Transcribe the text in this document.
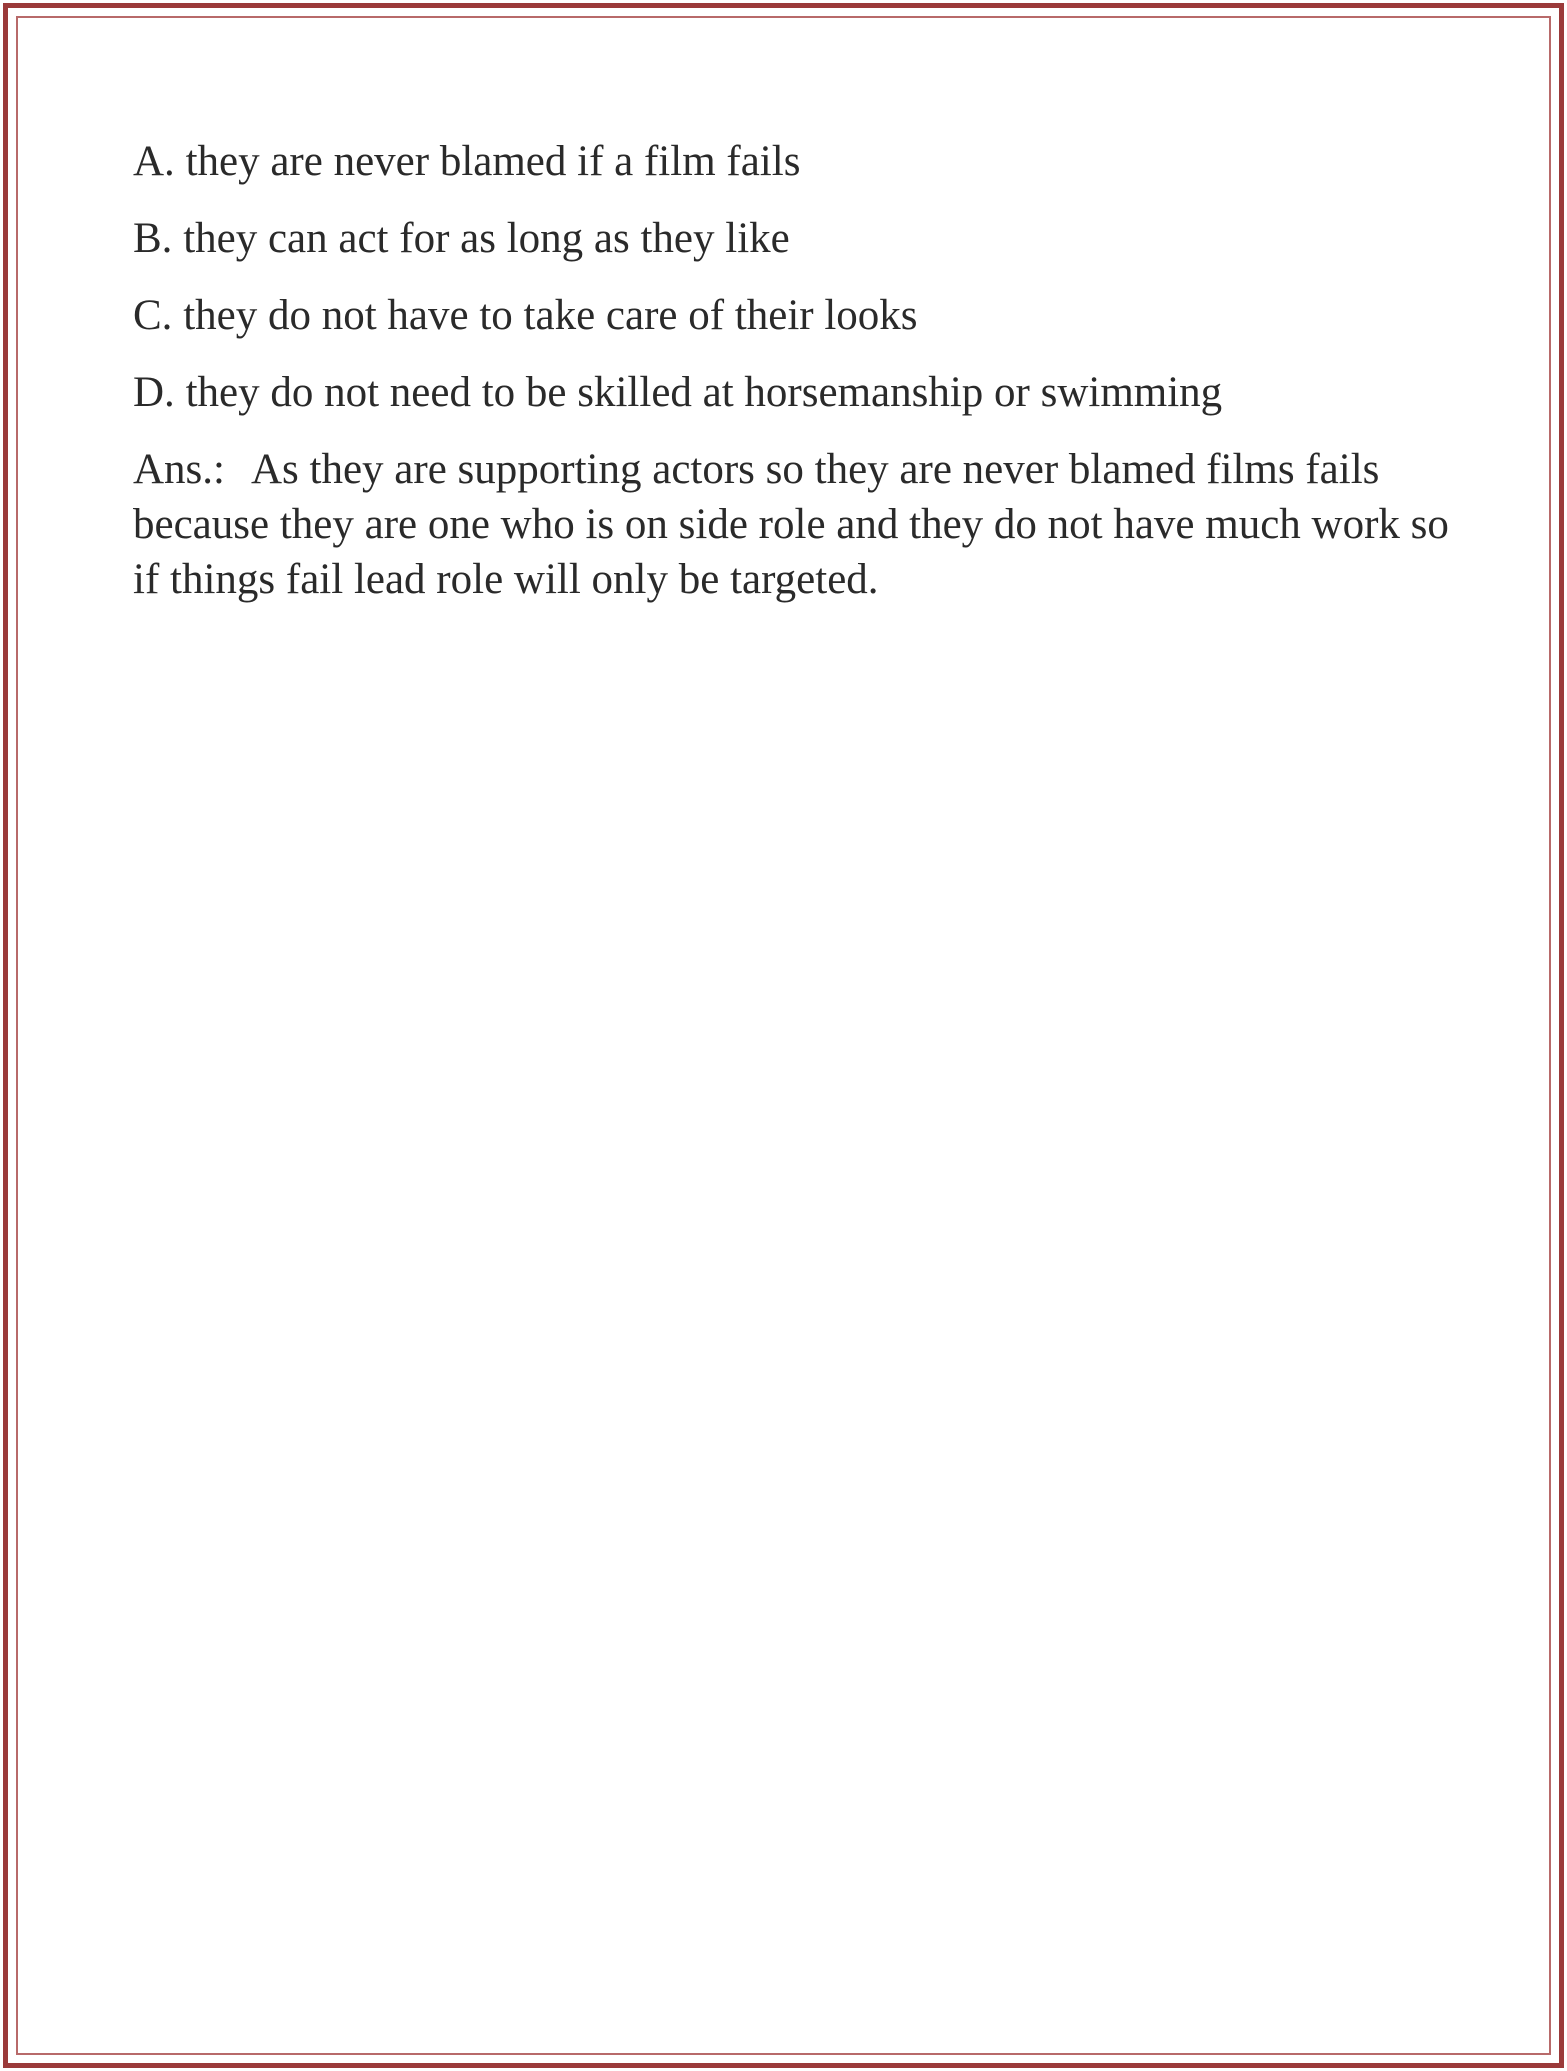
A. they are never blamed if a film fails

B. they can act for as long as they like

C. they do not have to take care of their looks

D. they do not need to be skilled at horsemanship or swimming

Ans.: As they are supporting actors so they are never blamed films fails because they are one who is on side role and they do not have much work so if things fail lead role will only be targeted.
